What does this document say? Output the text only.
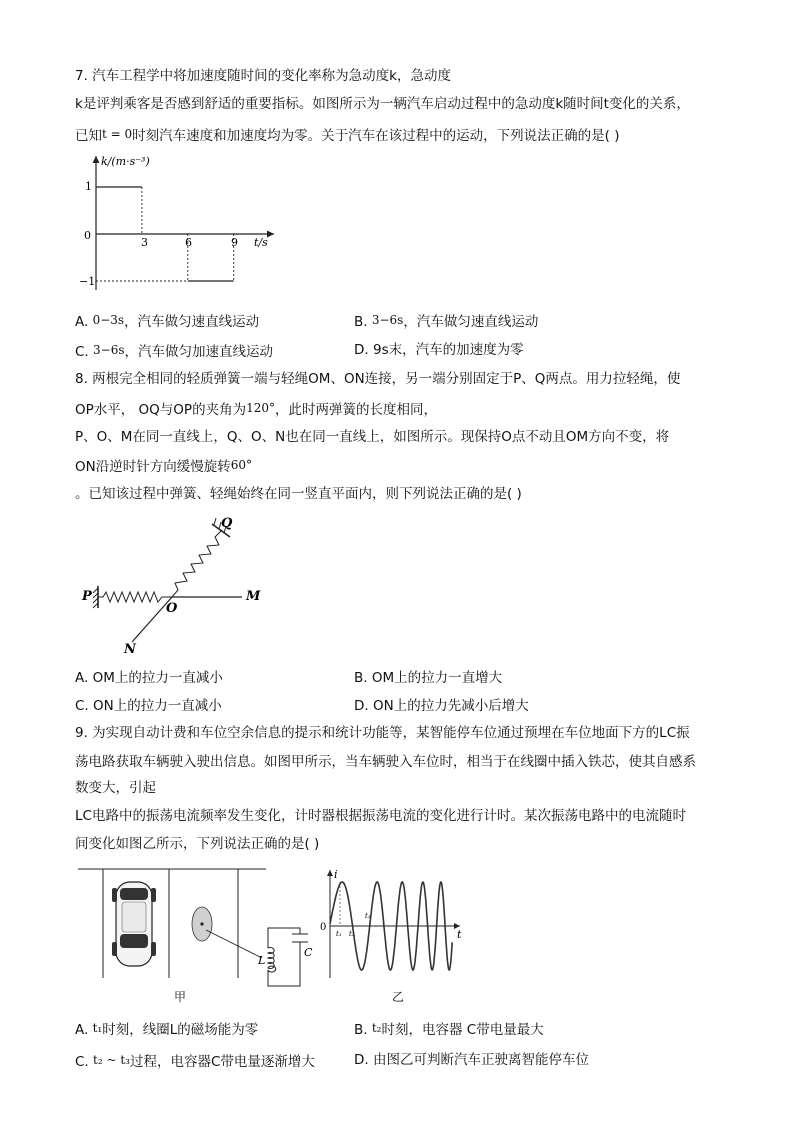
7. 汽车工程学中将加速度随时间的变化率称为急动度k，急动度
k是评判乘客是否感到舒适的重要指标。如图所示为一辆汽车启动过程中的急动度k随时间t变化的关系，
已知t = 0时刻汽车速度和加速度均为零。关于汽车在该过程中的运动，下列说法正确的是( )
k/(m·s⁻³)
t/s
0
1
−1
3	6	9
A. 0−3s，汽车做匀速直线运动	B. 3−6s，汽车做匀速直线运动
C. 3−6s，汽车做匀加速直线运动	D. 9s末，汽车的加速度为零
8. 两根完全相同的轻质弹簧一端与轻绳OM、ON连接，另一端分别固定于P、Q两点。用力拉轻绳，使
OP水平， OQ与OP的夹角为120°，此时两弹簧的长度相同，
P、O、M在同一直线上，Q、O、N也在同一直线上，如图所示。现保持O点不动且OM方向不变，将
ON沿逆时针方向缓慢旋转60°
。已知该过程中弹簧、轻绳始终在同一竖直平面内，则下列说法正确的是( )
P
O
M
Q
N
A. OM上的拉力一直减小	B. OM上的拉力一直增大
C. ON上的拉力一直减小	D. ON上的拉力先减小后增大
9. 为实现自动计费和车位空余信息的提示和统计功能等，某智能停车位通过预埋在车位地面下方的LC振
荡电路获取车辆驶入驶出信息。如图甲所示，当车辆驶入车位时，相当于在线圈中插入铁芯，使其自感系
数变大，引起
LC电路中的振荡电流频率发生变化，计时器根据振荡电流的变化进行计时。某次振荡电路中的电流随时
间变化如图乙所示，下列说法正确的是( )
L
C
甲
i
t
0
t₁ t₂
t₃
乙
A. t₁时刻，线圈L的磁场能为零	B. t₂时刻，电容器 C带电量最大
C. t₂ ~ t₃过程，电容器C带电量逐渐增大	D. 由图乙可判断汽车正驶离智能停车位
